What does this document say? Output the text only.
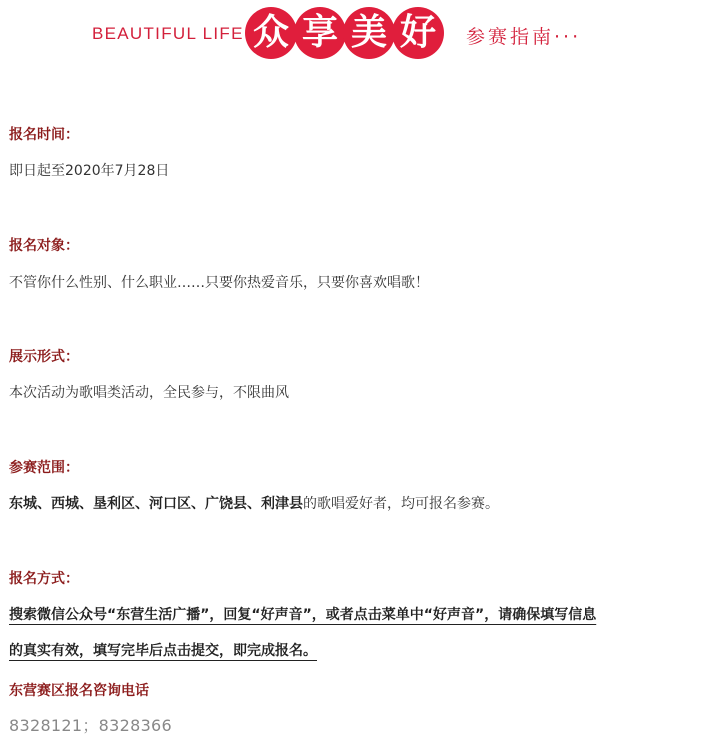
BEAUTIFUL LIFE 众 享 美 好	参赛指南···
报名时间：
即日起至2020年7月28日
报名对象：
不管你什么性别、什么职业……只要你热爱音乐，只要你喜欢唱歌！
展示形式：
本次活动为歌唱类活动，全民参与，不限曲风
参赛范围：
东城、西城、垦利区、河口区、广饶县、利津县的歌唱爱好者，均可报名参赛。
报名方式：
搜索微信公众号“东营生活广播”，回复“好声音”，或者点击菜单中“好声音”，请确保填写信息
的真实有效，填写完毕后点击提交，即完成报名。
东营赛区报名咨询电话
8328121；8328366
